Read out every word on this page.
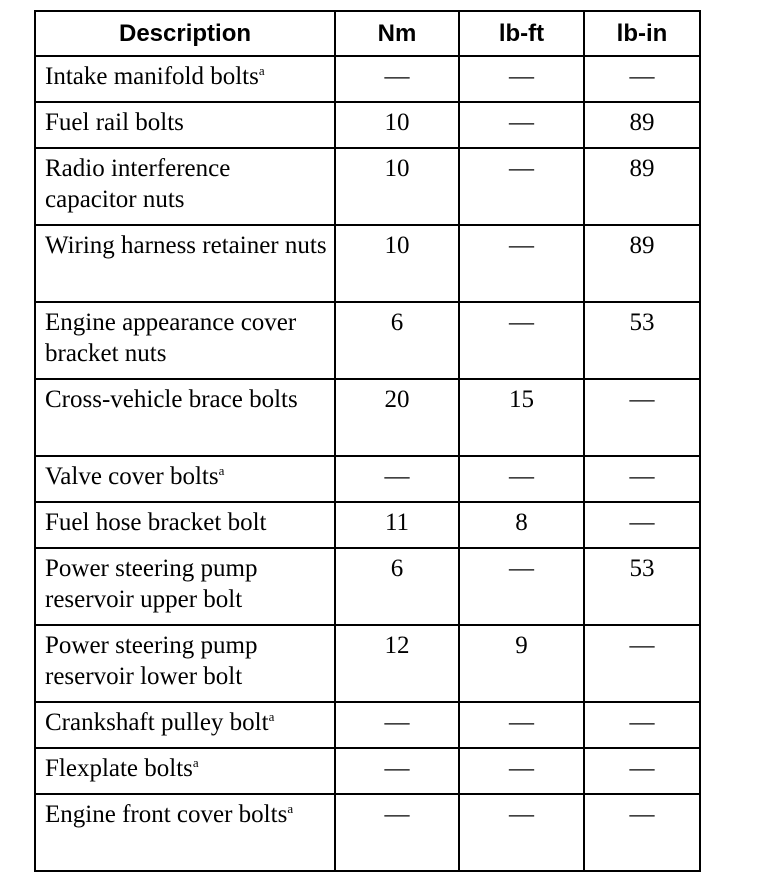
Description	Nm	lb-ft	lb-in
Intake manifold bolts$^a$	—	—	—
Fuel rail bolts	10	—	89
Radio interference capacitor nuts	10	—	89
Wiring harness retainer nuts	10	—	89
Engine appearance cover bracket nuts	6	—	53
Cross-vehicle brace bolts	20	15	—
Valve cover bolts$^a$	—	—	—
Fuel hose bracket bolt	11	8	—
Power steering pump reservoir upper bolt	6	—	53
Power steering pump reservoir lower bolt	12	9	—
Crankshaft pulley bolt$^a$	—	—	—
Flexplate bolts$^a$	—	—	—
Engine front cover bolts$^a$	—	—	—
